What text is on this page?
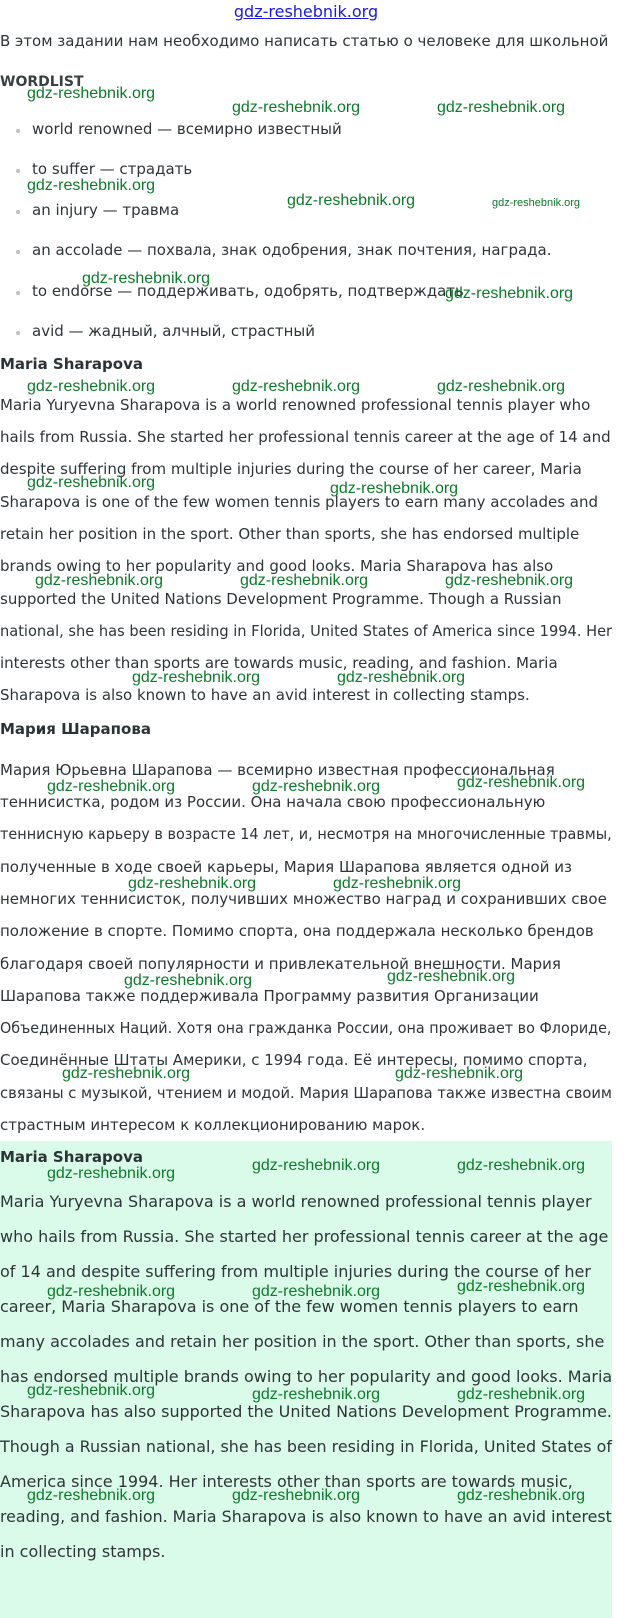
gdz-reshebnik.org
В этом задании нам необходимо написать статью о человеке для школьной
WORDLIST
world renowned — всемирно известный
to suffer — страдать
an injury — травма
an accolade — похвала, знак одобрения, знак почтения, награда.
to endorse — поддерживать, одобрять, подтверждать
avid — жадный, алчный, страстный
Maria Sharapova
Maria Yuryevna Sharapova is a world renowned professional tennis player who
hails from Russia. She started her professional tennis career at the age of 14 and
despite suffering from multiple injuries during the course of her career, Maria
Sharapova is one of the few women tennis players to earn many accolades and
retain her position in the sport. Other than sports, she has endorsed multiple
brands owing to her popularity and good looks. Maria Sharapova has also
supported the United Nations Development Programme. Though a Russian
national, she has been residing in Florida, United States of America since 1994. Her
interests other than sports are towards music, reading, and fashion. Maria
Sharapova is also known to have an avid interest in collecting stamps.
Мария Шарапова
Мария Юрьевна Шарапова — всемирно известная профессиональная
теннисистка, родом из России. Она начала свою профессиональную
теннисную карьеру в возрасте 14 лет, и, несмотря на многочисленные травмы,
полученные в ходе своей карьеры, Мария Шарапова является одной из
немногих теннисисток, получивших множество наград и сохранивших свое
положение в спорте. Помимо спорта, она поддержала несколько брендов
благодаря своей популярности и привлекательной внешности. Мария
Шарапова также поддерживала Программу развития Организации
Объединенных Наций. Хотя она гражданка России, она проживает во Флориде,
Соединённые Штаты Америки, с 1994 года. Её интересы, помимо спорта,
связаны с музыкой, чтением и модой. Мария Шарапова также известна своим
страстным интересом к коллекционированию марок.
Maria Sharapova
Maria Yuryevna Sharapova is a world renowned professional tennis player
who hails from Russia. She started her professional tennis career at the age
of 14 and despite suffering from multiple injuries during the course of her
career, Maria Sharapova is one of the few women tennis players to earn
many accolades and retain her position in the sport. Other than sports, she
has endorsed multiple brands owing to her popularity and good looks. Maria
Sharapova has also supported the United Nations Development Programme.
Though a Russian national, she has been residing in Florida, United States of
America since 1994. Her interests other than sports are towards music,
reading, and fashion. Maria Sharapova is also known to have an avid interest
in collecting stamps.
gdz-reshebnik.org
gdz-reshebnik.org	gdz-reshebnik.org
gdz-reshebnik.org
gdz-reshebnik.org	gdz-reshebnik.org
gdz-reshebnik.org
gdz-reshebnik.org
gdz-reshebnik.org	gdz-reshebnik.org	gdz-reshebnik.org
gdz-reshebnik.org	gdz-reshebnik.org
gdz-reshebnik.org	gdz-reshebnik.org	gdz-reshebnik.org
gdz-reshebnik.org	gdz-reshebnik.org
gdz-reshebnik.org
gdz-reshebnik.org	gdz-reshebnik.org
gdz-reshebnik.org	gdz-reshebnik.org
gdz-reshebnik.org
gdz-reshebnik.org
gdz-reshebnik.org	gdz-reshebnik.org
gdz-reshebnik.org	gdz-reshebnik.org
gdz-reshebnik.org
gdz-reshebnik.org
gdz-reshebnik.org	gdz-reshebnik.org
gdz-reshebnik.org	gdz-reshebnik.org	gdz-reshebnik.org
gdz-reshebnik.org	gdz-reshebnik.org	gdz-reshebnik.org
